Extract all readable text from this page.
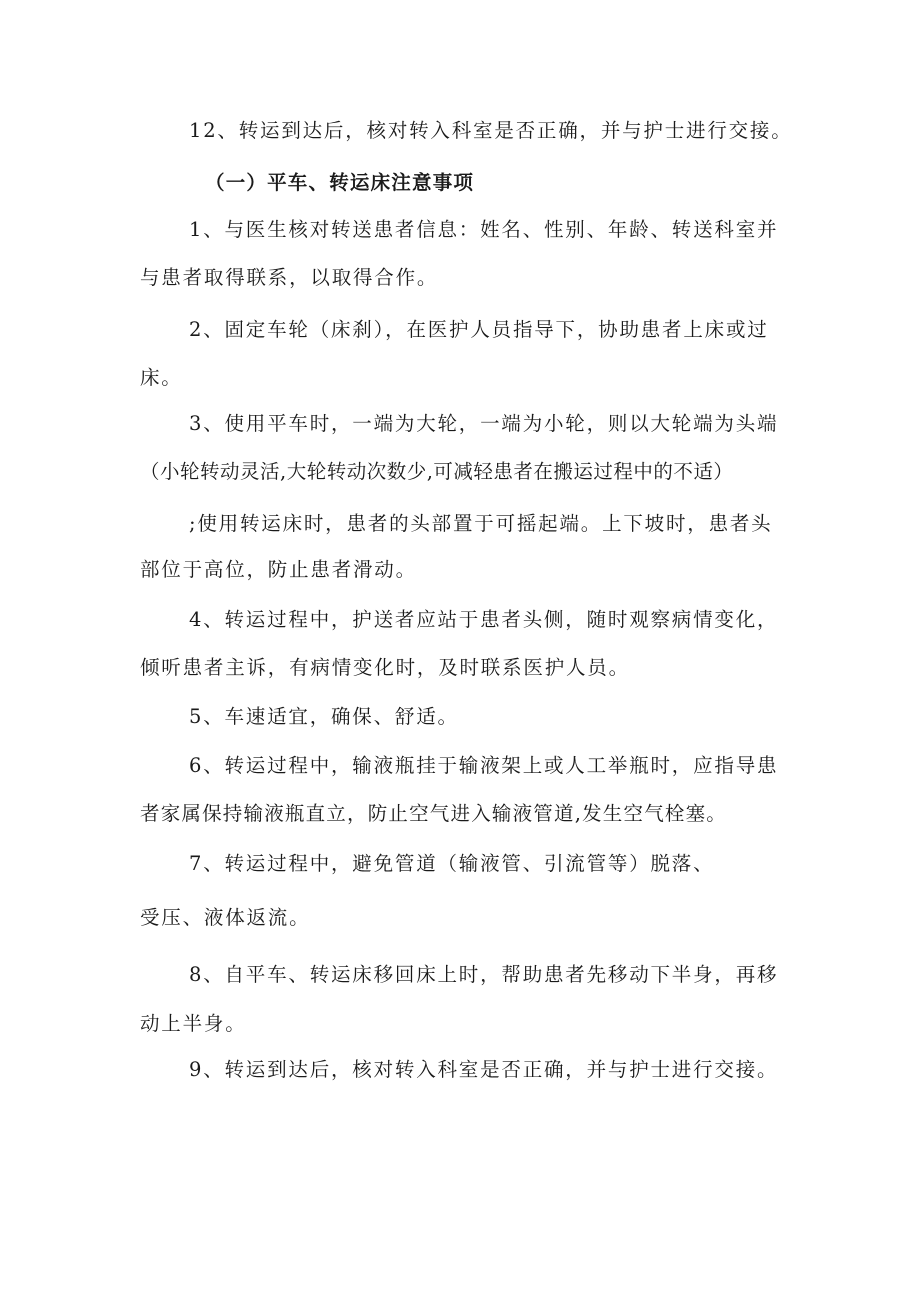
12、转运到达后，核对转入科室是否正确，并与护士进行交接。
（一）平车、转运床注意事项
1、与医生核对转送患者信息：姓名、性别、年龄、转送科室并
与患者取得联系，以取得合作。
2、固定车轮（床刹），在医护人员指导下，协助患者上床或过
床。
3、使用平车时，一端为大轮，一端为小轮，则以大轮端为头端
（小轮转动灵活,大轮转动次数少,可减轻患者在搬运过程中的不适）
;使用转运床时，患者的头部置于可摇起端。上下坡时，患者头
部位于高位，防止患者滑动。
4、转运过程中，护送者应站于患者头侧，随时观察病情变化，
倾听患者主诉，有病情变化时，及时联系医护人员。
5、车速适宜，确保、舒适。
6、转运过程中，输液瓶挂于输液架上或人工举瓶时，应指导患
者家属保持输液瓶直立，防止空气进入输液管道,发生空气栓塞。
7、转运过程中，避免管道（输液管、引流管等）脱落、
受压、液体返流。
8、自平车、转运床移回床上时，帮助患者先移动下半身，再移
动上半身。
9、转运到达后，核对转入科室是否正确，并与护士进行交接。
